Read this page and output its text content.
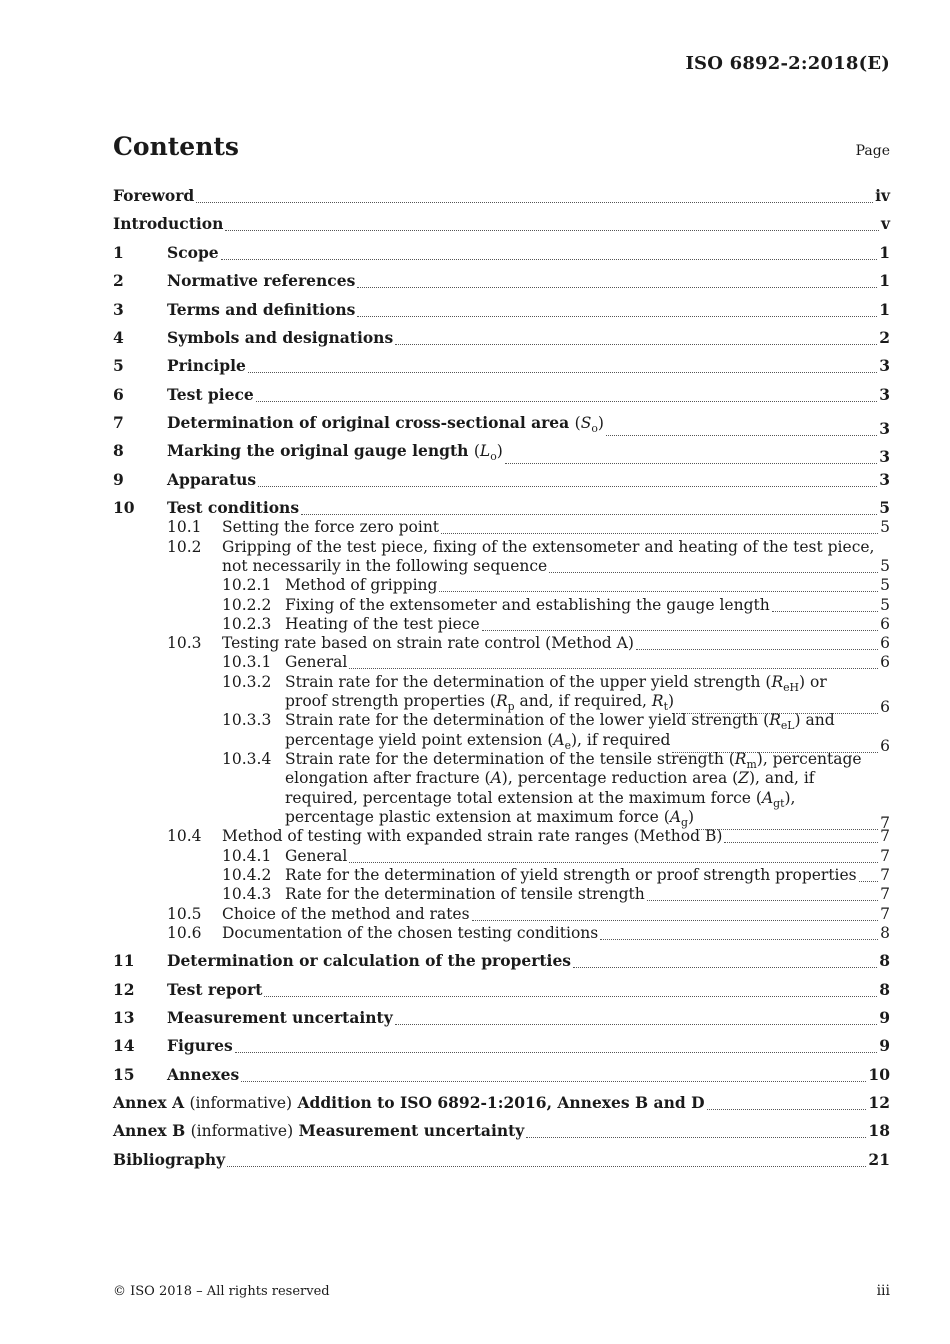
ISO 6892-2:2018(E)
Contents	Page
Foreword	iv
Introduction	v
1	Scope	1
2	Normative references	1
3	Terms and definitions	1
4	Symbols and designations	2
5	Principle	3
6	Test piece	3
7	Determination of original cross-sectional area $(S_o)$	3
8	Marking the original gauge length $(L_o)$	3
9	Apparatus	3
10 Test conditions	5
10.1 Setting the force zero point	5
10.2 Gripping of the test piece, fixing of the extensometer and heating of the test piece,
not necessarily in the following sequence	5
10.2.1 Method of gripping	5
10.2.2 Fixing of the extensometer and establishing the gauge length	5
10.2.3 Heating of the test piece	6
10.3 Testing rate based on strain rate control (Method A)	6
10.3.1 General	6
10.3.2 Strain rate for the determination of the upper yield strength $(R_{eH})$ or
proof strength properties ($R_p$ and, if required, $R_t$)	6
10.3.3 Strain rate for the determination of the lower yield strength $(R_{eL})$ and
percentage yield point extension $(A_e)$, if required	6
10.3.4 Strain rate for the determination of the tensile strength $(R_m)$, percentage
elongation after fracture (A), percentage reduction area (Z), and, if
required, percentage total extension at the maximum force $(A_{gt})$,
percentage plastic extension at maximum force $(A_g)$	7
10.4 Method of testing with expanded strain rate ranges (Method B)	7
10.4.1 General	7
10.4.2 Rate for the determination of yield strength or proof strength properties 7
10.4.3 Rate for the determination of tensile strength	7
10.5 Choice of the method and rates	7
10.6 Documentation of the chosen testing conditions	8
11 Determination or calculation of the properties	8
12 Test report	8
13 Measurement uncertainty	9
14 Figures	9
15 Annexes	10
Annex A (informative) Addition to ISO 6892-1:2016, Annexes B and D	12
Annex B (informative) Measurement uncertainty	18
Bibliography	21
© ISO 2018 – All rights reserved	iii
